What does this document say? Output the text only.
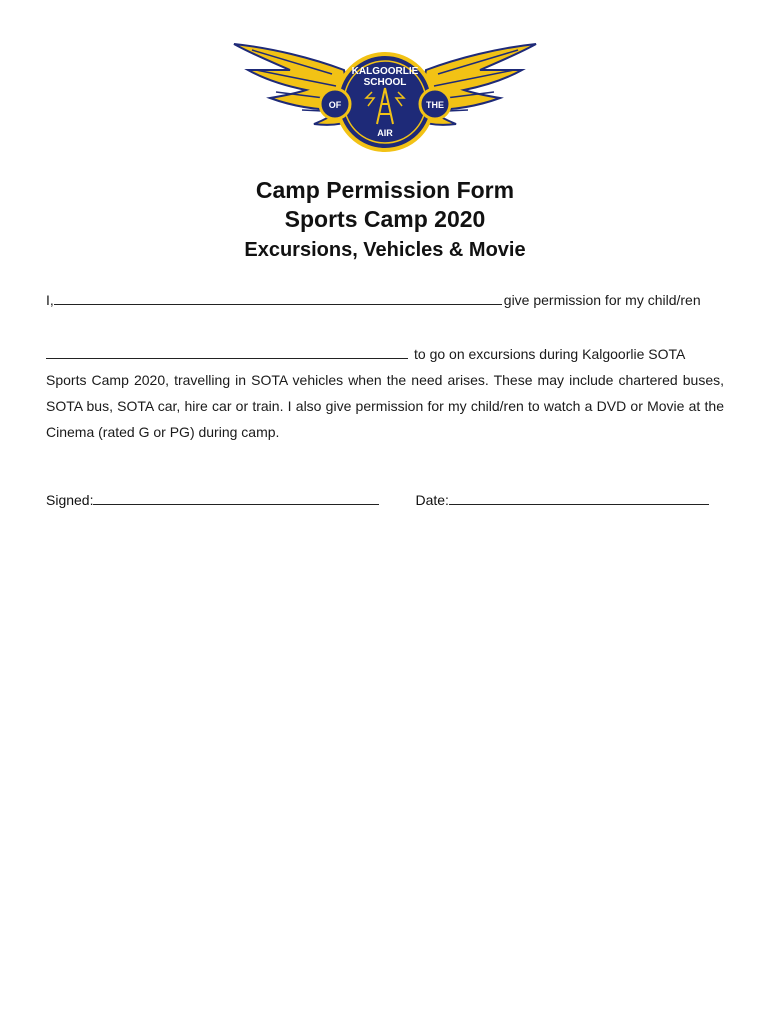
KALGOORLIE
SCHOOL
OF	THE
AIR
Camp Permission Form
Sports Camp 2020
Excursions, Vehicles & Movie
I,	give permission for my child/ren
to go on excursions during Kalgoorlie SOTA
Sports Camp 2020, travelling in SOTA vehicles when the need arises. These may include chartered buses, SOTA bus, SOTA car, hire car or train. I also give permission for my child/ren to watch a DVD or Movie at the Cinema (rated G or PG) during camp.
Signed:	Date:
